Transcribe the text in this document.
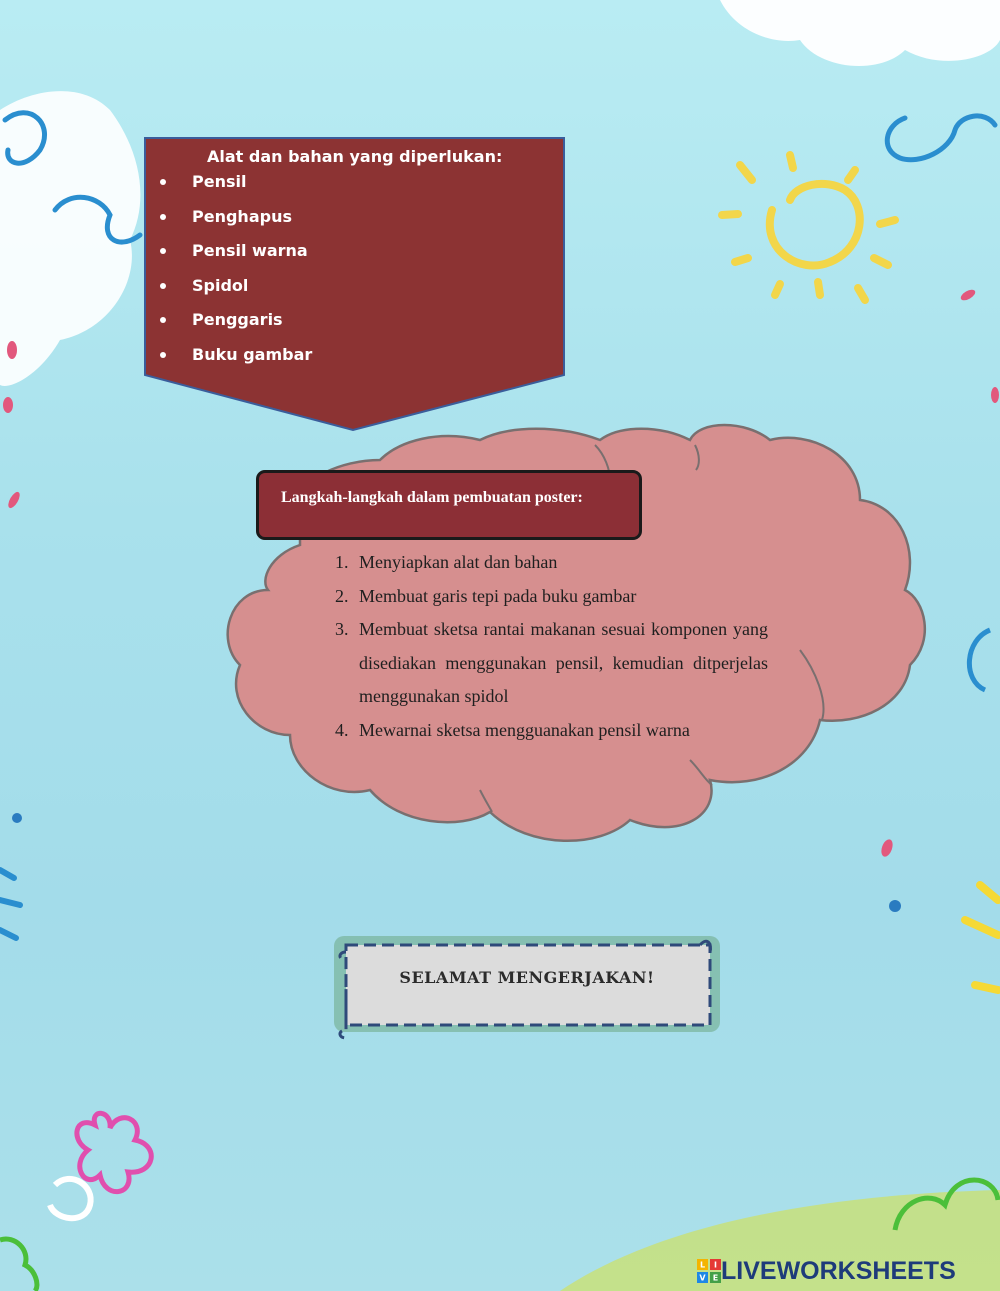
Alat dan bahan yang diperlukan:
Pensil
Penghapus
Pensil warna
Spidol
Penggaris
Buku gambar
Langkah-langkah dalam pembuatan poster:
1. Menyiapkan alat dan bahan
2. Membuat garis tepi pada buku gambar
3. Membuat sketsa rantai makanan sesuai komponen yang disediakan menggunakan pensil, kemudian ditperjelas menggunakan spidol
4. Mewarnai sketsa mengguanakan pensil warna
SELAMAT MENGERJAKAN!
L I
V E LIVEWORKSHEETS
